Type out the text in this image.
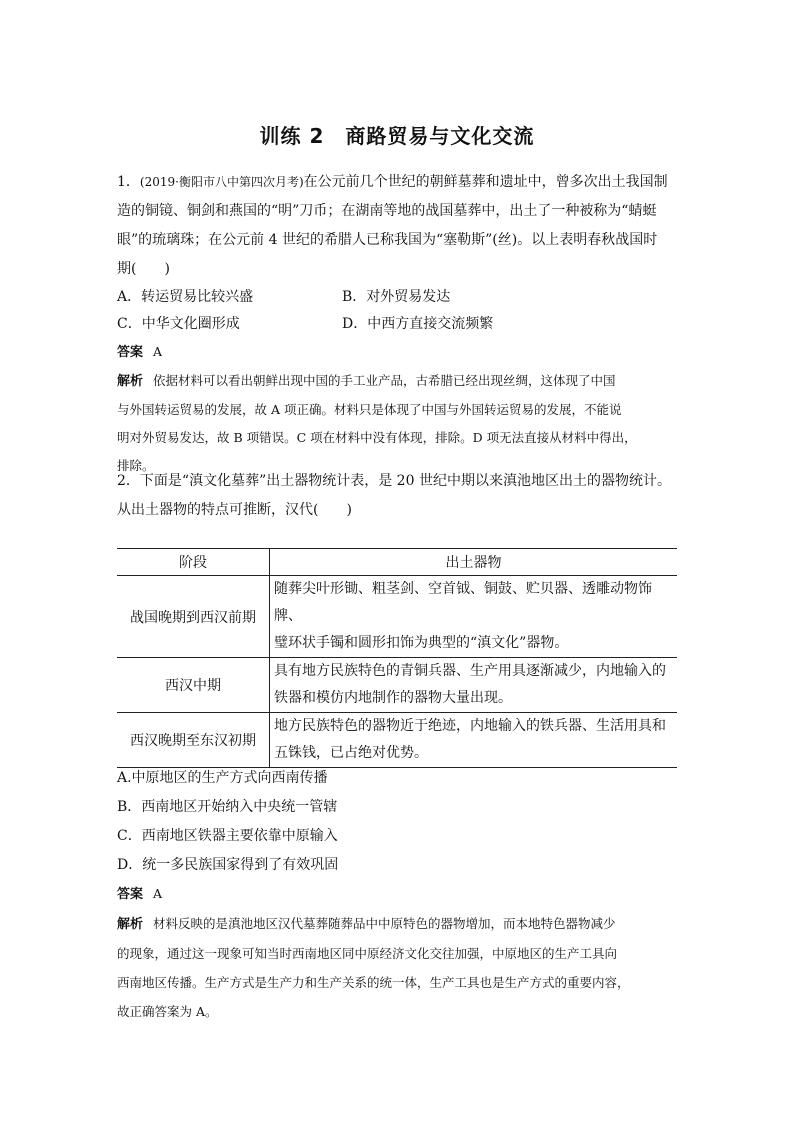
训练 2　商路贸易与文化交流

1．(2019·衡阳市八中第四次月考)在公元前几个世纪的朝鲜墓葬和遗址中，曾多次出土我国制

造的铜镜、铜剑和燕国的“明”刀币；在湖南等地的战国墓葬中，出土了一种被称为“蜻蜓

眼”的琉璃珠；在公元前 4 世纪的希腊人已称我国为“塞勒斯”(丝)。以上表明春秋战国时

期(　　)

A．转运贸易比较兴盛	B．对外贸易发达
C．中华文化圈形成	D．中西方直接交流频繁

答案 A

解析 依据材料可以看出朝鲜出现中国的手工业产品，古希腊已经出现丝绸，这体现了中国

与外国转运贸易的发展，故 A 项正确。材料只是体现了中国与外国转运贸易的发展，不能说

明对外贸易发达，故 B 项错误。C 项在材料中没有体现，排除。D 项无法直接从材料中得出，

排除。

2．下面是“滇文化墓葬”出土器物统计表，是 20 世纪中期以来滇池地区出土的器物统计。

从出土器物的特点可推断，汉代(　　)

阶段	出土器物
战国晚期到西汉前期	随葬尖叶形锄、粗茎剑、空首钺、铜鼓、贮贝器、透雕动物饰牌、
璧环状手镯和圆形扣饰为典型的“滇文化”器物。

西汉中期	具有地方民族特色的青铜兵器、生产用具逐渐减少，内地输入的
铁器和模仿内地制作的器物大量出现。

西汉晚期至东汉初期	地方民族特色的器物近于绝迹，内地输入的铁兵器、生活用具和
五铢钱，已占绝对优势。

A.中原地区的生产方式向西南传播

B．西南地区开始纳入中央统一管辖

C．西南地区铁器主要依靠中原输入

D．统一多民族国家得到了有效巩固

答案 A

解析 材料反映的是滇池地区汉代墓葬随葬品中中原特色的器物增加，而本地特色器物减少

的现象，通过这一现象可知当时西南地区同中原经济文化交往加强，中原地区的生产工具向

西南地区传播。生产方式是生产力和生产关系的统一体，生产工具也是生产方式的重要内容，

故正确答案为 A。
